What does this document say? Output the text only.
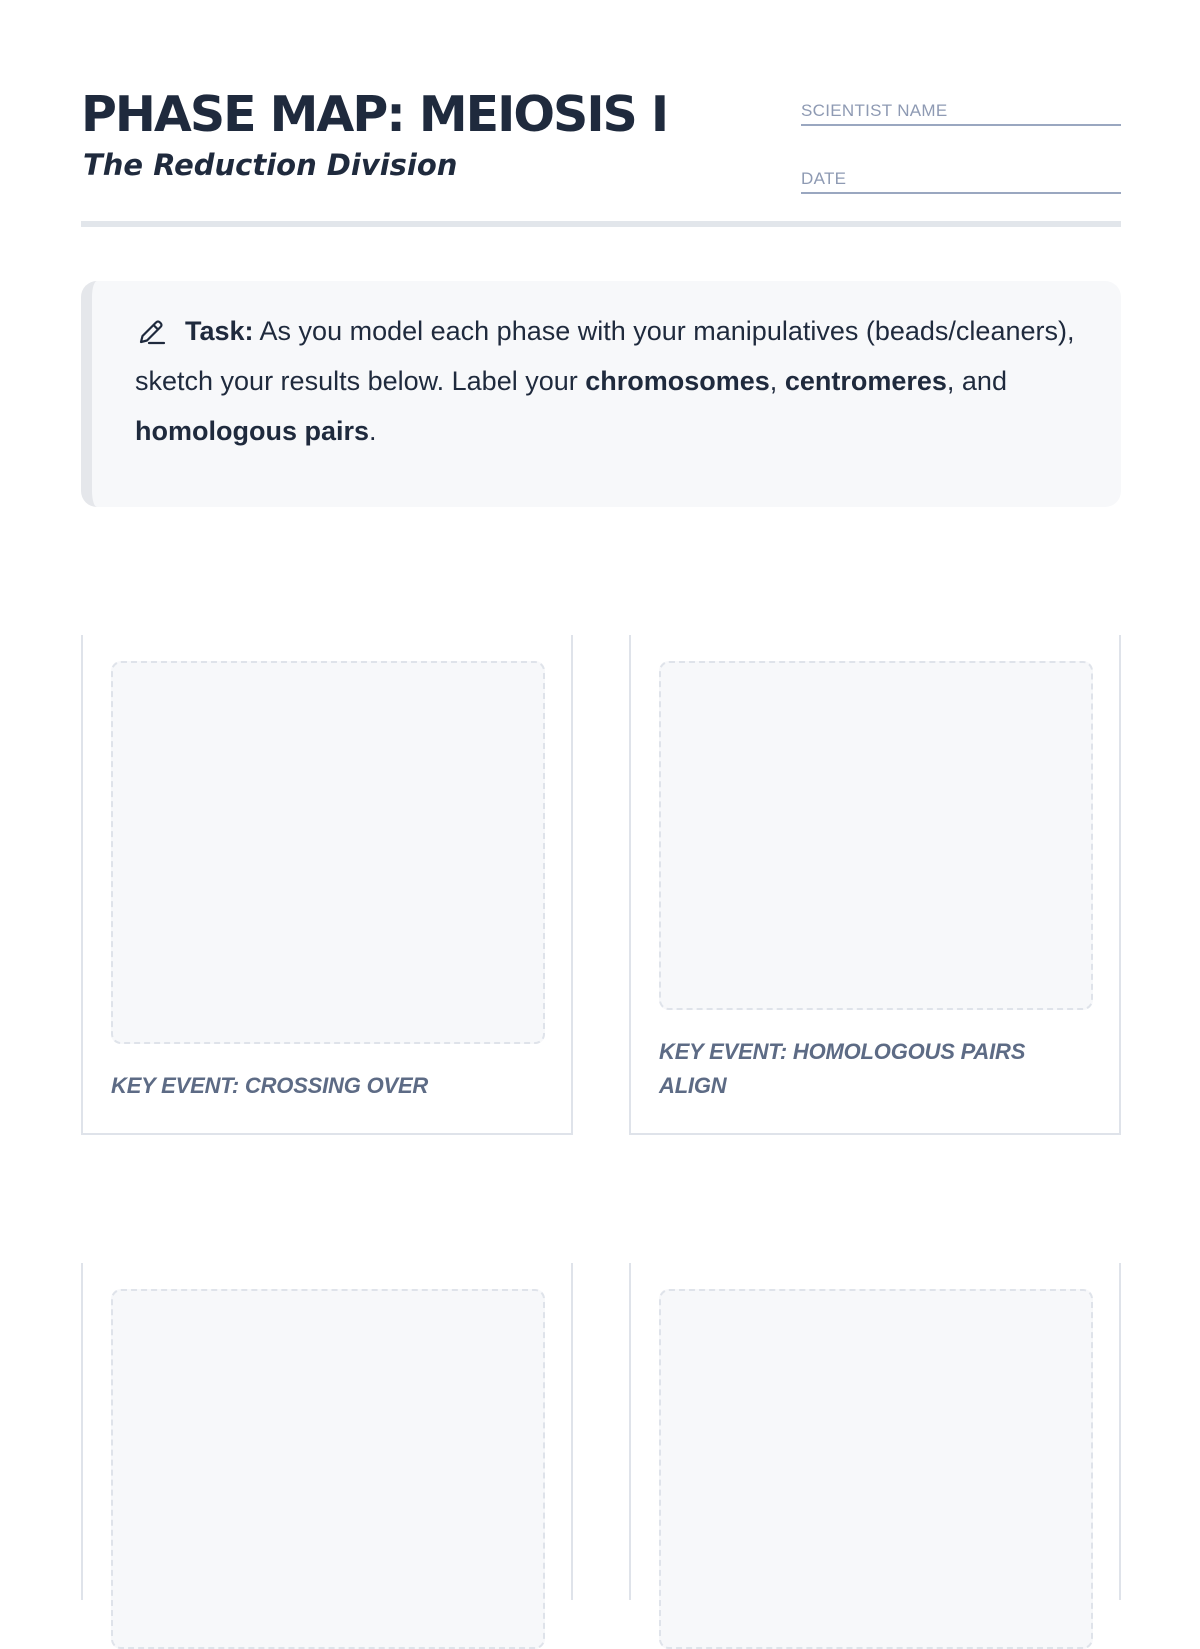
PHASE MAP: MEIOSIS I
The Reduction Division
SCIENTIST NAME
DATE
Task: As you model each phase with your manipulatives (beads/cleaners), sketch your results below. Label your chromosomes, centromeres, and homologous pairs.
KEY EVENT: CROSSING OVER
KEY EVENT: HOMOLOGOUS PAIRS ALIGN
